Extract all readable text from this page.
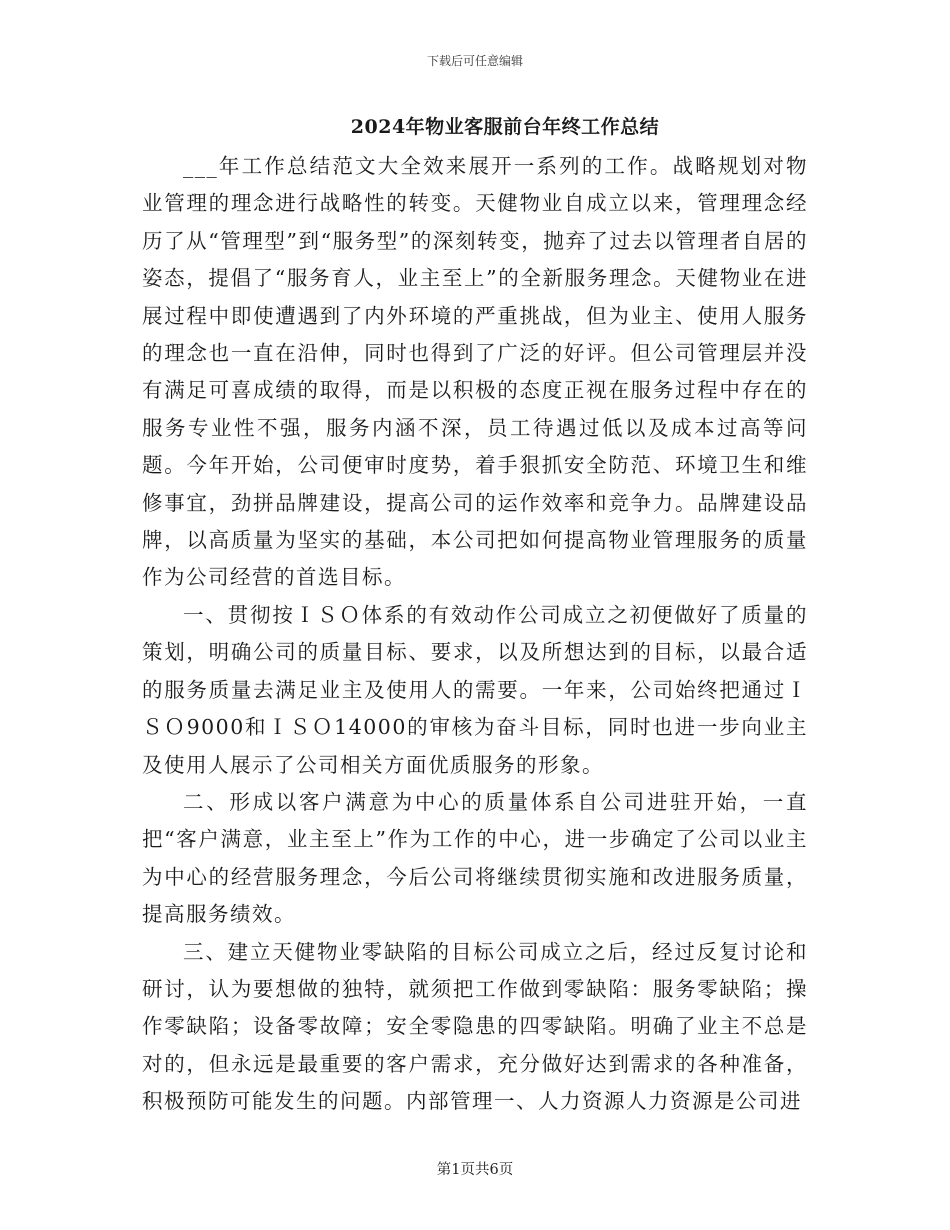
下载后可任意编辑
2024年物业客服前台年终工作总结

___年工作总结范文大全效来展开一系列的工作。战略规划对物业管理的理念进行战略性的转变。天健物业自成立以来，管理理念经历了从“管理型”到“服务型”的深刻转变，抛弃了过去以管理者自居的姿态，提倡了“服务育人，业主至上”的全新服务理念。天健物业在进展过程中即使遭遇到了内外环境的严重挑战，但为业主、使用人服务的理念也一直在沿伸，同时也得到了广泛的好评。但公司管理层并没有满足可喜成绩的取得，而是以积极的态度正视在服务过程中存在的服务专业性不强，服务内涵不深，员工待遇过低以及成本过高等问题。今年开始，公司便审时度势，着手狠抓安全防范、环境卫生和维修事宜，劲拼品牌建设，提高公司的运作效率和竞争力。品牌建设品牌，以高质量为坚实的基础，本公司把如何提高物业管理服务的质量作为公司经营的首选目标。

一、贯彻按ＩＳＯ体系的有效动作公司成立之初便做好了质量的策划，明确公司的质量目标、要求，以及所想达到的目标，以最合适的服务质量去满足业主及使用人的需要。一年来，公司始终把通过ＩＳＯ9000和ＩＳＯ14000的审核为奋斗目标，同时也进一步向业主及使用人展示了公司相关方面优质服务的形象。

二、形成以客户满意为中心的质量体系自公司进驻开始，一直把“客户满意，业主至上”作为工作的中心，进一步确定了公司以业主为中心的经营服务理念，今后公司将继续贯彻实施和改进服务质量，提高服务绩效。

三、建立天健物业零缺陷的目标公司成立之后，经过反复讨论和研讨，认为要想做的独特，就须把工作做到零缺陷：服务零缺陷；操作零缺陷；设备零故障；安全零隐患的四零缺陷。明确了业主不总是对的，但永远是最重要的客户需求，充分做好达到需求的各种准备，积极预防可能发生的问题。内部管理一、人力资源人力资源是公司进

第1页共6页
